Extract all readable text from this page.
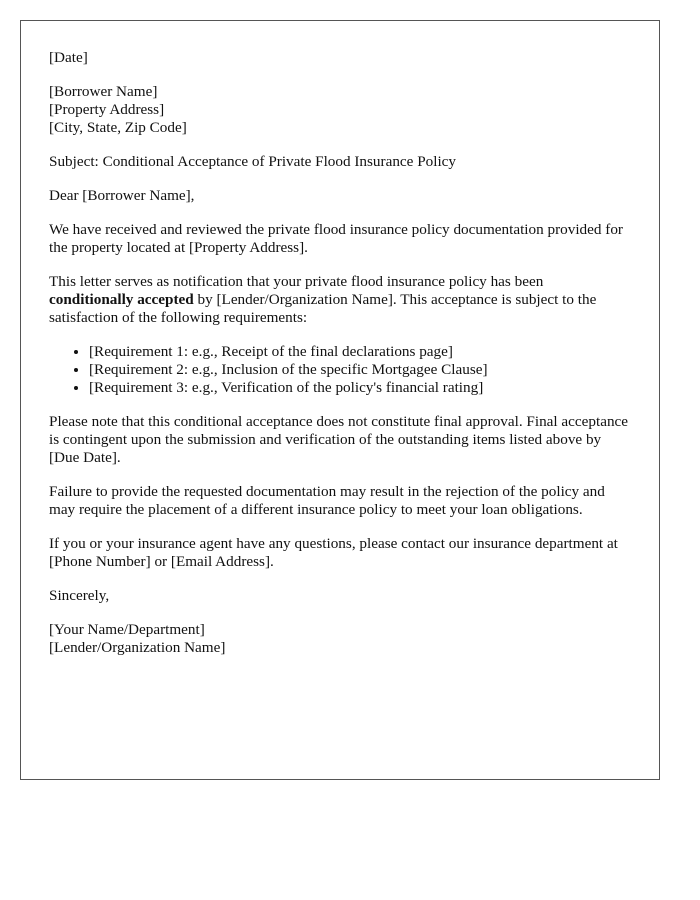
[Date]

[Borrower Name]
[Property Address]
[City, State, Zip Code]

Subject: Conditional Acceptance of Private Flood Insurance Policy

Dear [Borrower Name],

We have received and reviewed the private flood insurance policy documentation provided for the property located at [Property Address].

This letter serves as notification that your private flood insurance policy has been conditionally accepted by [Lender/Organization Name]. This acceptance is subject to the satisfaction of the following requirements:

• [Requirement 1: e.g., Receipt of the final declarations page]
• [Requirement 2: e.g., Inclusion of the specific Mortgagee Clause]
• [Requirement 3: e.g., Verification of the policy's financial rating]

Please note that this conditional acceptance does not constitute final approval. Final acceptance is contingent upon the submission and verification of the outstanding items listed above by [Due Date].

Failure to provide the requested documentation may result in the rejection of the policy and may require the placement of a different insurance policy to meet your loan obligations.

If you or your insurance agent have any questions, please contact our insurance department at [Phone Number] or [Email Address].

Sincerely,

[Your Name/Department]
[Lender/Organization Name]
